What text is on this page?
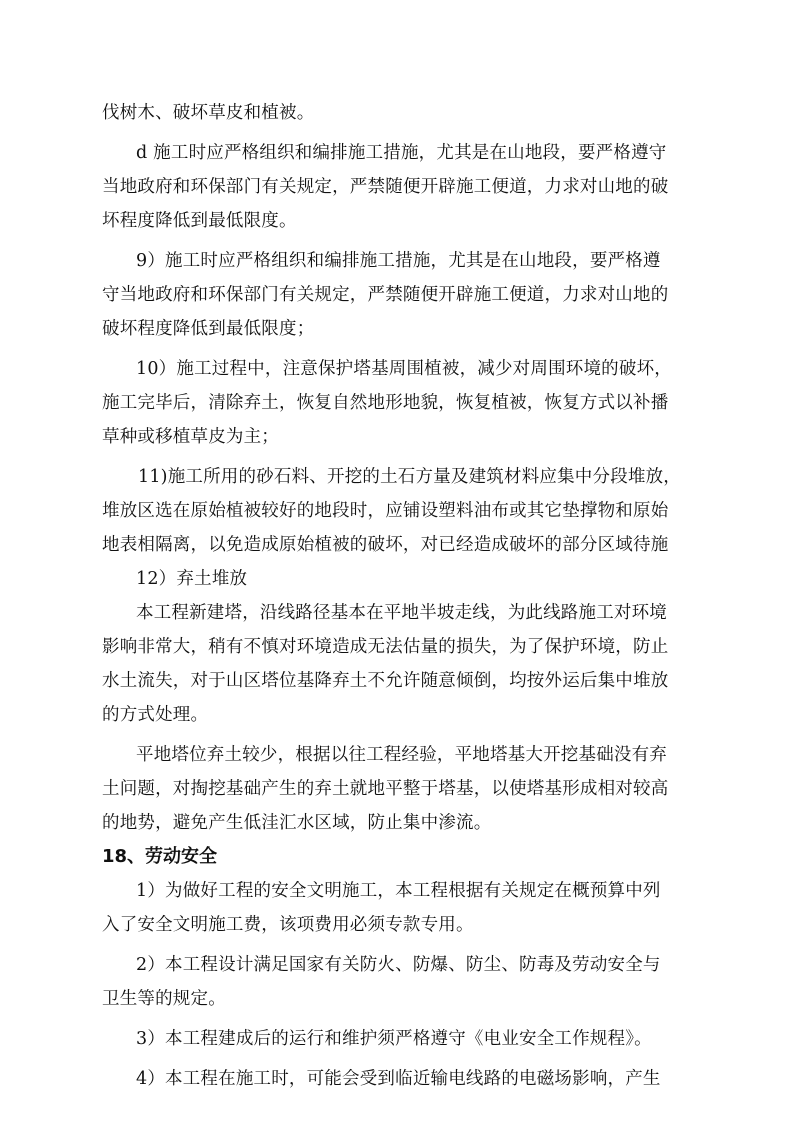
伐树木、破坏草皮和植被。
d 施工时应严格组织和编排施工措施，尤其是在山地段，要严格遵守
当地政府和环保部门有关规定，严禁随便开辟施工便道，力求对山地的破
坏程度降低到最低限度。
9）施工时应严格组织和编排施工措施，尤其是在山地段，要严格遵
守当地政府和环保部门有关规定，严禁随便开辟施工便道，力求对山地的
破坏程度降低到最低限度；
10）施工过程中，注意保护塔基周围植被，减少对周围环境的破坏，
施工完毕后，清除弃土，恢复自然地形地貌，恢复植被，恢复方式以补播
草种或移植草皮为主；
11)施工所用的砂石料、开挖的土石方量及建筑材料应集中分段堆放，
堆放区选在原始植被较好的地段时，应铺设塑料油布或其它垫撑物和原始
地表相隔离，以免造成原始植被的破坏，对已经造成破坏的部分区域待施
12）弃土堆放
本工程新建塔，沿线路径基本在平地半坡走线，为此线路施工对环境
影响非常大，稍有不慎对环境造成无法估量的损失，为了保护环境，防止
水土流失，对于山区塔位基降弃土不允许随意倾倒，均按外运后集中堆放
的方式处理。
平地塔位弃土较少，根据以往工程经验，平地塔基大开挖基础没有弃
土问题，对掏挖基础产生的弃土就地平整于塔基，以使塔基形成相对较高
的地势，避免产生低洼汇水区域，防止集中渗流。
18、劳动安全
1）为做好工程的安全文明施工，本工程根据有关规定在概预算中列
入了安全文明施工费，该项费用必须专款专用。
2）本工程设计满足国家有关防火、防爆、防尘、防毒及劳动安全与
卫生等的规定。
3）本工程建成后的运行和维护须严格遵守《电业安全工作规程》。
4）本工程在施工时，可能会受到临近输电线路的电磁场影响，产生
